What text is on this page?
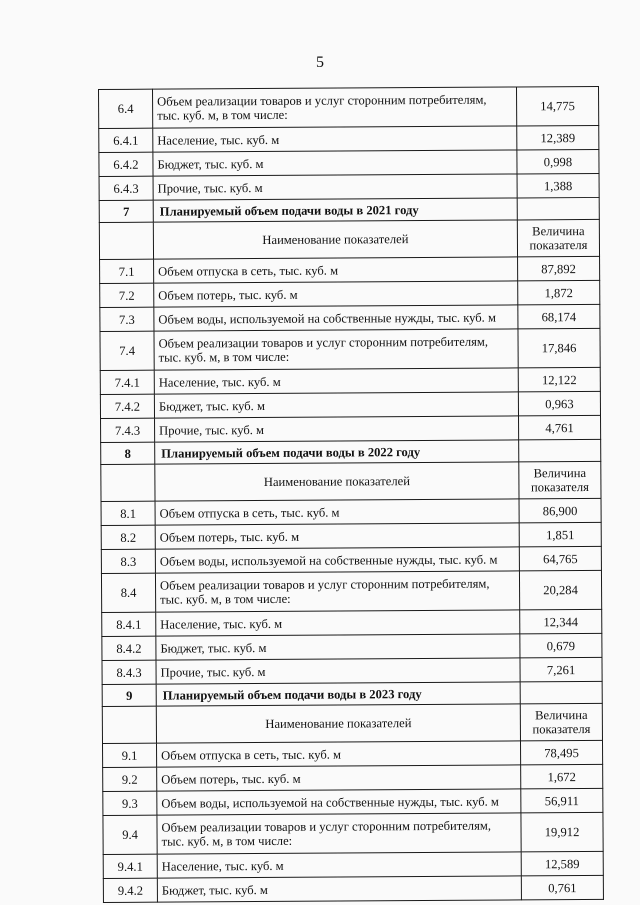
5
6.4	Объем реализации товаров и услуг сторонним потребителям, тыс. куб. м, в том числе:	14,775
6.4.1	Население, тыс. куб. м	12,389
6.4.2	Бюджет, тыс. куб. м	0,998
6.4.3	Прочие, тыс. куб. м	1,388
7	Планируемый объем подачи воды в 2021 году	
	Наименование показателей	Величина показателя
7.1	Объем отпуска в сеть, тыс. куб. м	87,892
7.2	Объем потерь, тыс. куб. м	1,872
7.3	Объем воды, используемой на собственные нужды, тыс. куб. м	68,174
7.4	Объем реализации товаров и услуг сторонним потребителям, тыс. куб. м, в том числе:	17,846
7.4.1	Население, тыс. куб. м	12,122
7.4.2	Бюджет, тыс. куб. м	0,963
7.4.3	Прочие, тыс. куб. м	4,761
8	Планируемый объем подачи воды в 2022 году	
	Наименование показателей	Величина показателя
8.1	Объем отпуска в сеть, тыс. куб. м	86,900
8.2	Объем потерь, тыс. куб. м	1,851
8.3	Объем воды, используемой на собственные нужды, тыс. куб. м	64,765
8.4	Объем реализации товаров и услуг сторонним потребителям, тыс. куб. м, в том числе:	20,284
8.4.1	Население, тыс. куб. м	12,344
8.4.2	Бюджет, тыс. куб. м	0,679
8.4.3	Прочие, тыс. куб. м	7,261
9	Планируемый объем подачи воды в 2023 году	
	Наименование показателей	Величина показателя
9.1	Объем отпуска в сеть, тыс. куб. м	78,495
9.2	Объем потерь, тыс. куб. м	1,672
9.3	Объем воды, используемой на собственные нужды, тыс. куб. м	56,911
9.4	Объем реализации товаров и услуг сторонним потребителям, тыс. куб. м, в том числе:	19,912
9.4.1	Население, тыс. куб. м	12,589
9.4.2	Бюджет, тыс. куб. м	0,761
